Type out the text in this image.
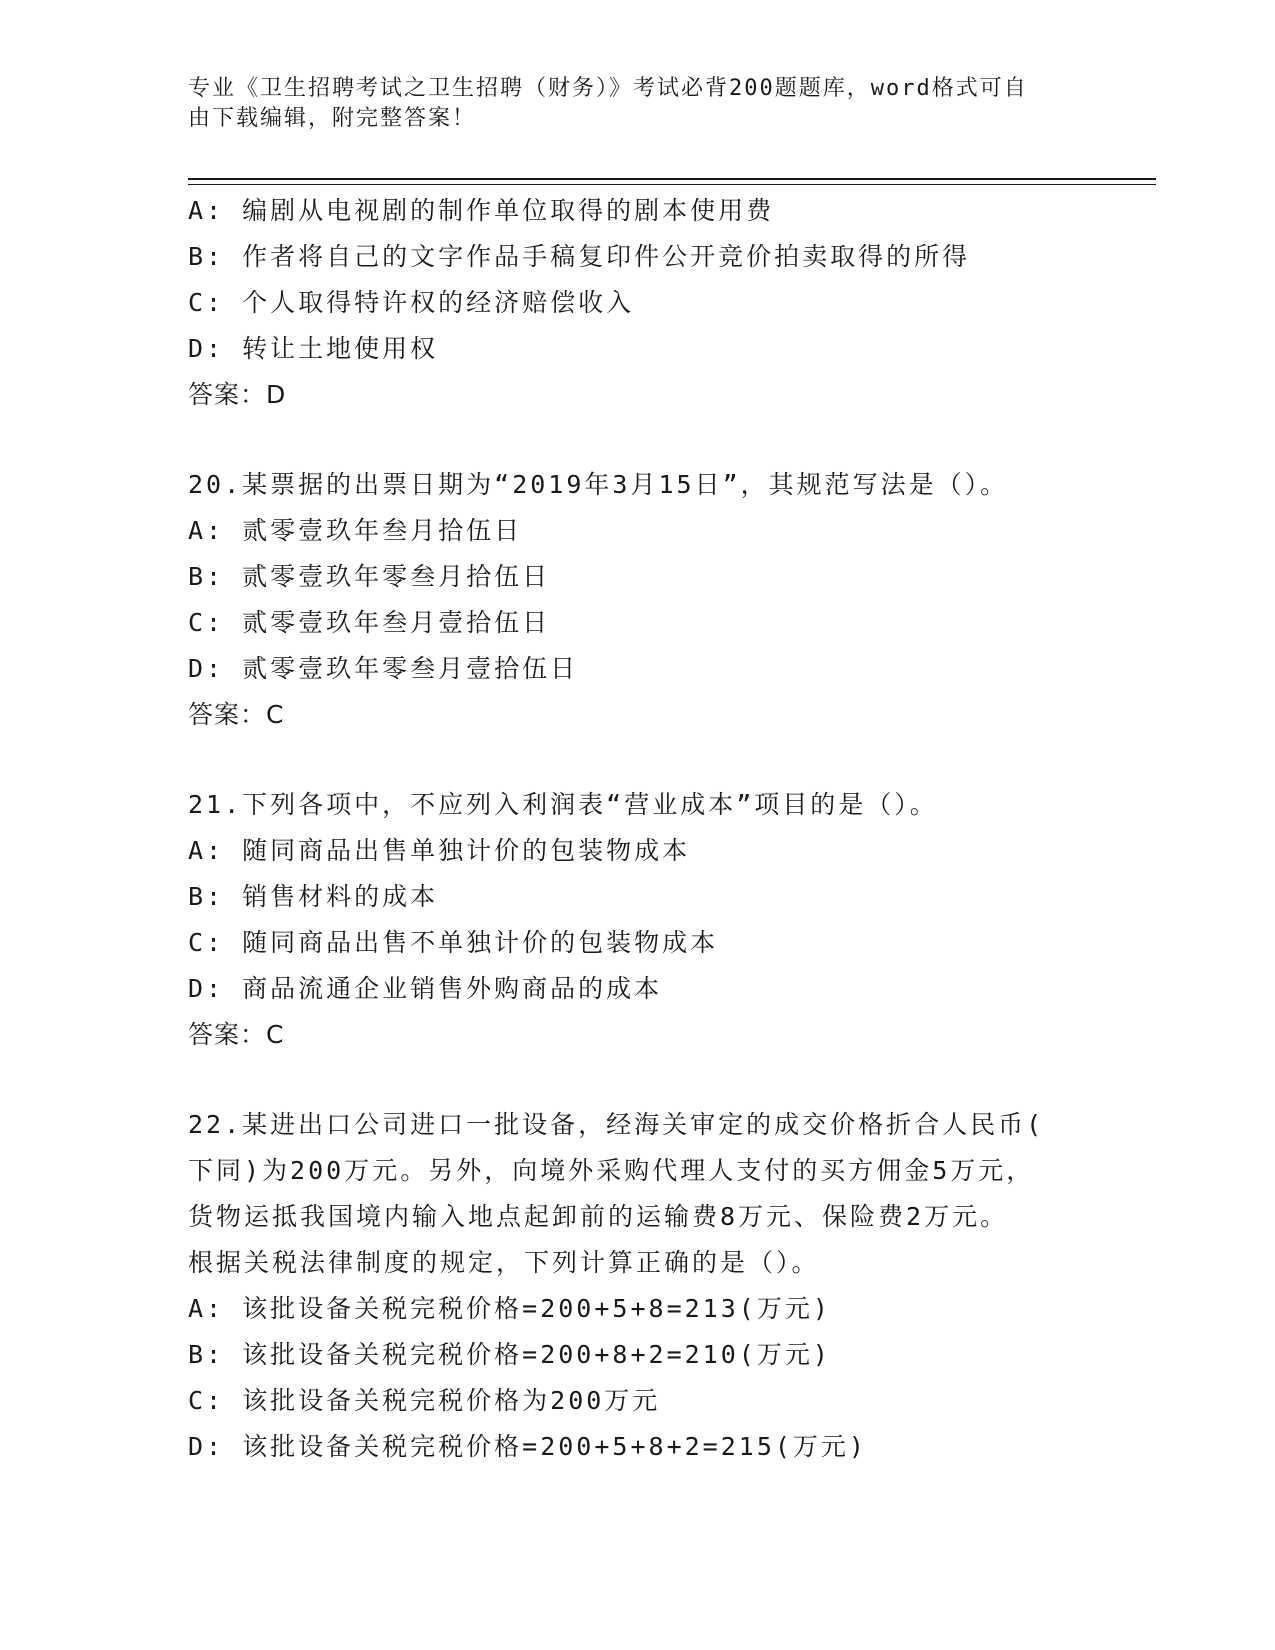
专业《卫生招聘考试之卫生招聘（财务）》考试必背200题题库，word格式可自
由下载编辑，附完整答案！
A: 编剧从电视剧的制作单位取得的剧本使用费
B: 作者将自己的文字作品手稿复印件公开竞价拍卖取得的所得
C: 个人取得特许权的经济赔偿收入
D: 转让土地使用权
答案：D
20.某票据的出票日期为“2019年3月15日”，其规范写法是（）。
A: 贰零壹玖年叁月拾伍日
B: 贰零壹玖年零叁月拾伍日
C: 贰零壹玖年叁月壹拾伍日
D: 贰零壹玖年零叁月壹拾伍日
答案：C
21.下列各项中，不应列入利润表“营业成本”项目的是（）。
A: 随同商品出售单独计价的包装物成本
B: 销售材料的成本
C: 随同商品出售不单独计价的包装物成本
D: 商品流通企业销售外购商品的成本
答案：C
22.某进出口公司进口一批设备，经海关审定的成交价格折合人民币(
下同)为200万元。另外，向境外采购代理人支付的买方佣金5万元，
货物运抵我国境内输入地点起卸前的运输费8万元、保险费2万元。
根据关税法律制度的规定，下列计算正确的是（）。
A: 该批设备关税完税价格=200+5+8=213(万元)
B: 该批设备关税完税价格=200+8+2=210(万元)
C: 该批设备关税完税价格为200万元
D: 该批设备关税完税价格=200+5+8+2=215(万元)
